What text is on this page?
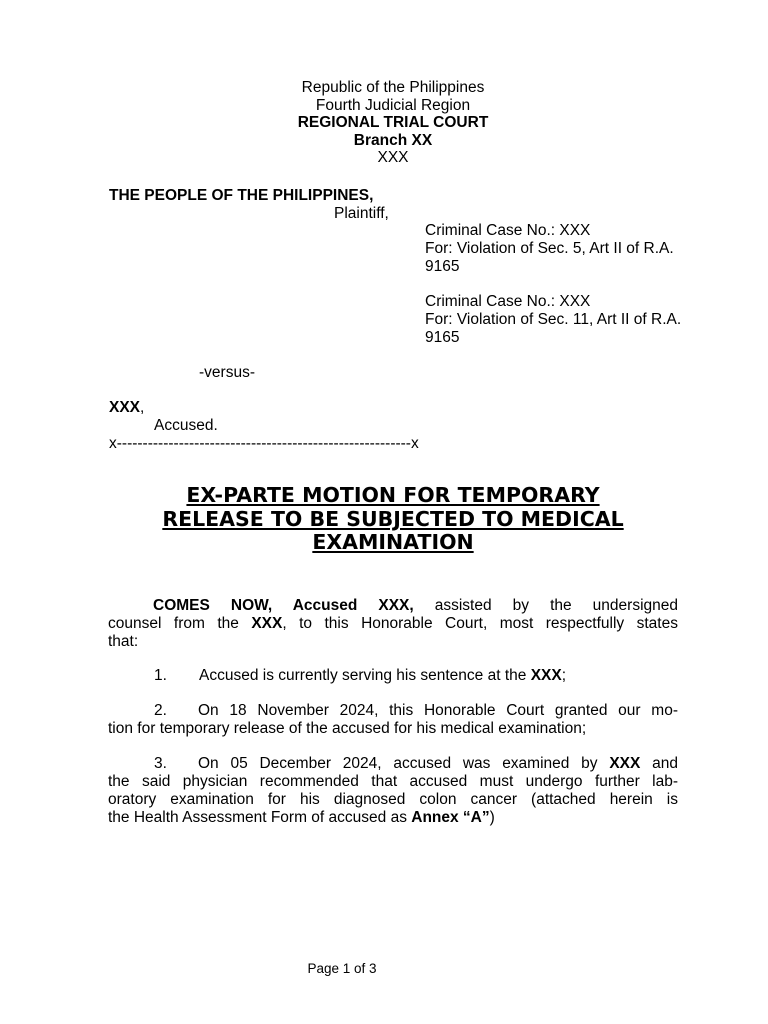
Republic of the Philippines
Fourth Judicial Region
REGIONAL TRIAL COURT
Branch XX
XXX
THE PEOPLE OF THE PHILIPPINES,
Plaintiff,
Criminal Case No.: XXX
For: Violation of Sec. 5, Art II of R.A.
9165
Criminal Case No.: XXX
For: Violation of Sec. 11, Art II of R.A.
9165
-versus-
XXX,
Accused.
x---------------------------------------------------------x
EX-PARTE MOTION FOR TEMPORARY
RELEASE TO BE SUBJECTED TO MEDICAL
EXAMINATION
COMES NOW, Accused XXX, assisted by the undersigned
counsel from the XXX, to this Honorable Court, most respectfully states
that:
1. Accused is currently serving his sentence at the XXX;
2. On 18 November 2024, this Honorable Court granted our mo-
tion for temporary release of the accused for his medical examination;
3. On 05 December 2024, accused was examined by XXX and
the said physician recommended that accused must undergo further lab-
oratory examination for his diagnosed colon cancer (attached herein is
the Health Assessment Form of accused as Annex “A”)
Page 1 of 3
